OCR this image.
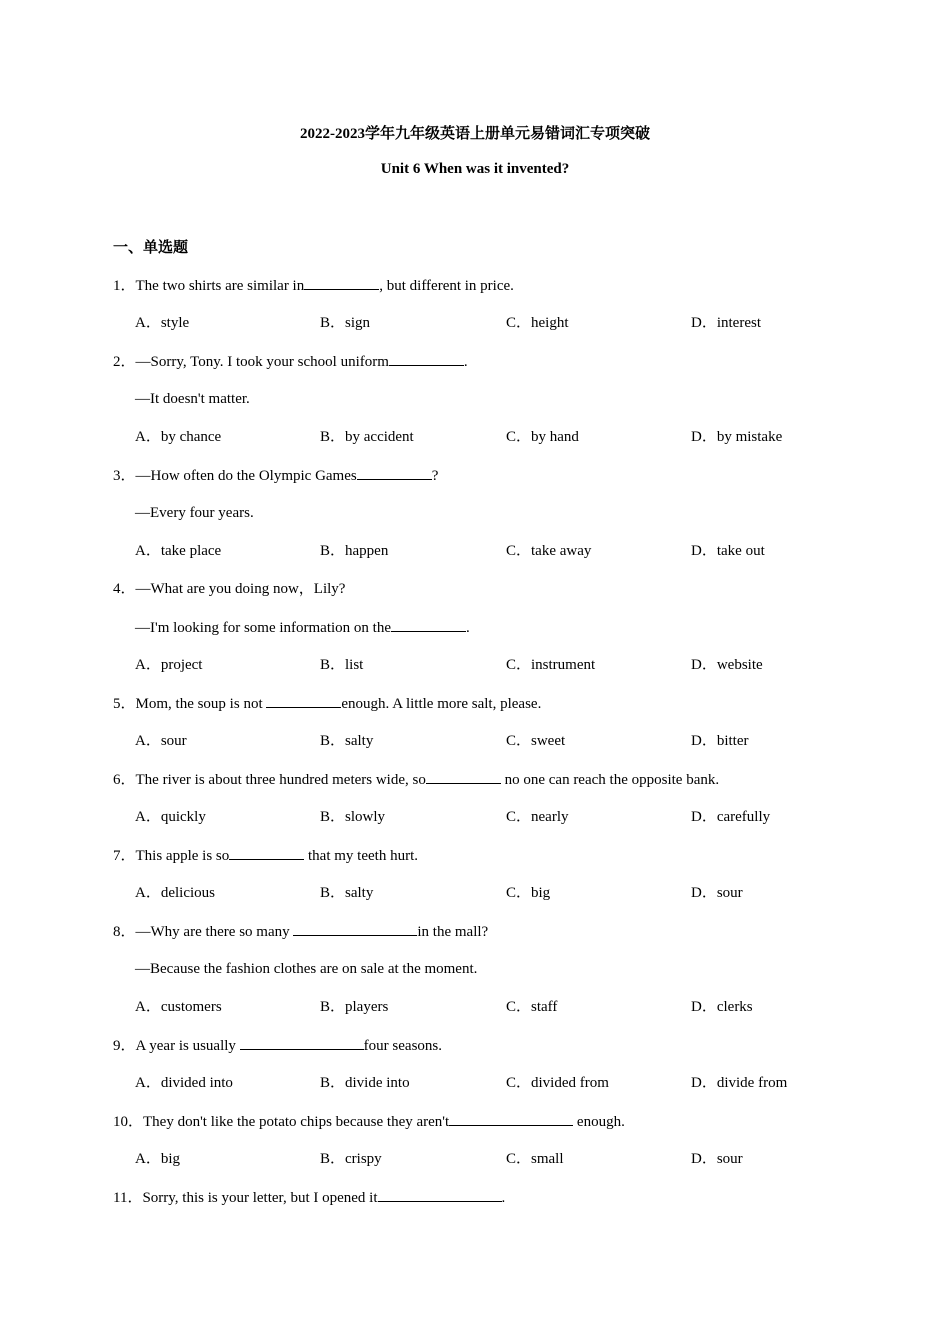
2022-2023学年九年级英语上册单元易错词汇专项突破
Unit 6 When was it invented?
一、单选题
1．The two shirts are similar in	, but different in price.
A．style	B．sign	C．height	D．interest
2．—Sorry, Tony. I took your school uniform	.
—It doesn't matter.
A．by chance	B．by accident	C．by hand	D．by mistake
3．—How often do the Olympic Games	?
—Every four years.
A．take place	B．happen	C．take away	D．take out
4．—What are you doing now，Lily?
—I'm looking for some information on the	.
A．project	B．list	C．instrument	D．website
5．Mom, the soup is not	enough. A little more salt, please.
A．sour	B．salty	C．sweet	D．bitter
6．The river is about three hundred meters wide, so	no one can reach the opposite bank.
A．quickly	B．slowly	C．nearly	D．carefully
7．This apple is so	that my teeth hurt.
A．delicious	B．salty	C．big	D．sour
8．—Why are there so many	in the mall?
—Because the fashion clothes are on sale at the moment.
A．customers	B．players	C．staff	D．clerks
9．A year is usually	four seasons.
A．divided into	B．divide into	C．divided from	D．divide from
10．They don't like the potato chips because they aren't	enough.
A．big	B．crispy	C．small	D．sour
11．Sorry, this is your letter, but I opened it	.
